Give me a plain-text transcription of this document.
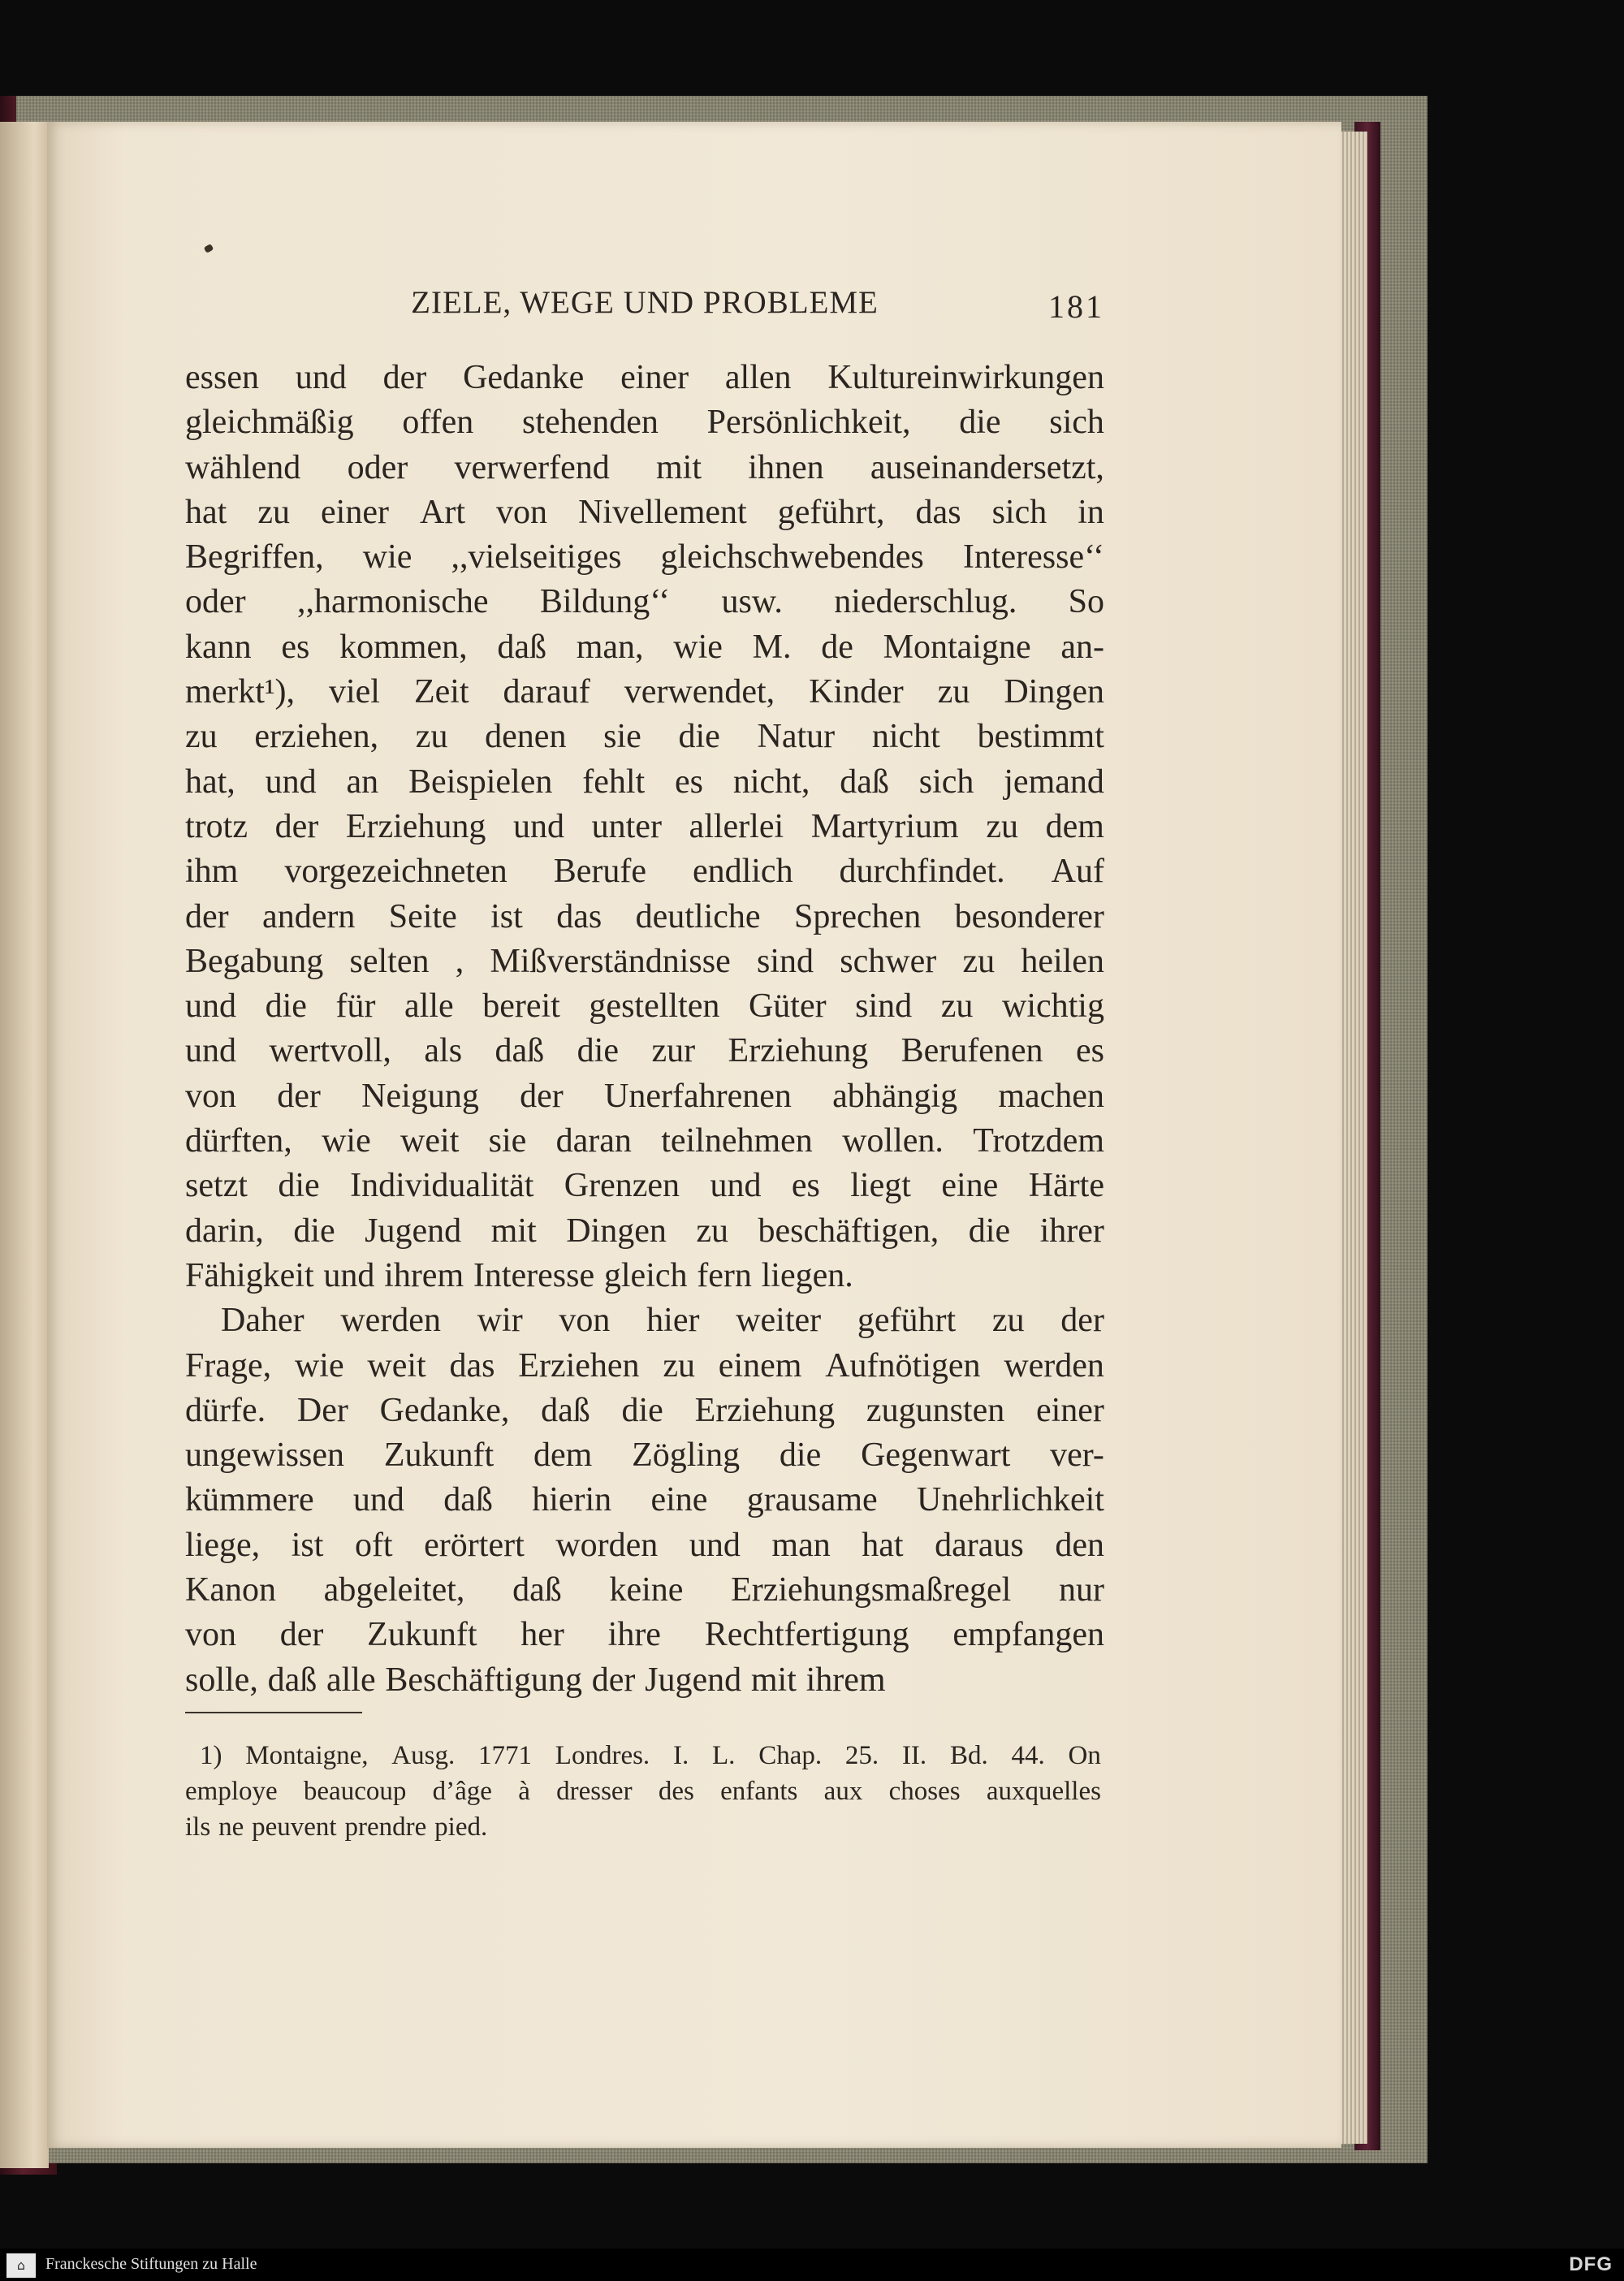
ZIELE, WEGE UND PROBLEME	181
essen und der Gedanke einer allen Kultureinwirkungen
gleichmäßig offen stehenden Persönlichkeit, die sich
wählend oder verwerfend mit ihnen auseinandersetzt,
hat zu einer Art von Nivellement geführt, das sich in
Begriffen, wie ,,vielseitiges gleichschwebendes Interesse‘‘
oder ,,harmonische Bildung‘‘ usw. niederschlug. So
kann es kommen, daß man, wie M. de Montaigne an-
merkt¹), viel Zeit darauf verwendet, Kinder zu Dingen
zu erziehen, zu denen sie die Natur nicht bestimmt
hat, und an Beispielen fehlt es nicht, daß sich jemand
trotz der Erziehung und unter allerlei Martyrium zu dem
ihm vorgezeichneten Berufe endlich durchfindet. Auf
der andern Seite ist das deutliche Sprechen besonderer
Begabung selten , Mißverständnisse sind schwer zu heilen
und die für alle bereit gestellten Güter sind zu wichtig
und wertvoll, als daß die zur Erziehung Berufenen es
von der Neigung der Unerfahrenen abhängig machen
dürften, wie weit sie daran teilnehmen wollen. Trotzdem
setzt die Individualität Grenzen und es liegt eine Härte
darin, die Jugend mit Dingen zu beschäftigen, die ihrer
Fähigkeit und ihrem Interesse gleich fern liegen.
Daher werden wir von hier weiter geführt zu der
Frage, wie weit das Erziehen zu einem Aufnötigen werden
dürfe. Der Gedanke, daß die Erziehung zugunsten einer
ungewissen Zukunft dem Zögling die Gegenwart ver-
kümmere und daß hierin eine grausame Unehrlichkeit
liege, ist oft erörtert worden und man hat daraus den
Kanon abgeleitet, daß keine Erziehungsmaßregel nur
von der Zukunft her ihre Rechtfertigung empfangen
solle, daß alle Beschäftigung der Jugend mit ihrem
1) Montaigne, Ausg. 1771 Londres. I. L. Chap. 25. II. Bd. 44. On
employe beaucoup d’âge à dresser des enfants aux choses auxquelles
ils ne peuvent prendre pied.
⌂	Franckesche Stiftungen zu Halle	DFG
